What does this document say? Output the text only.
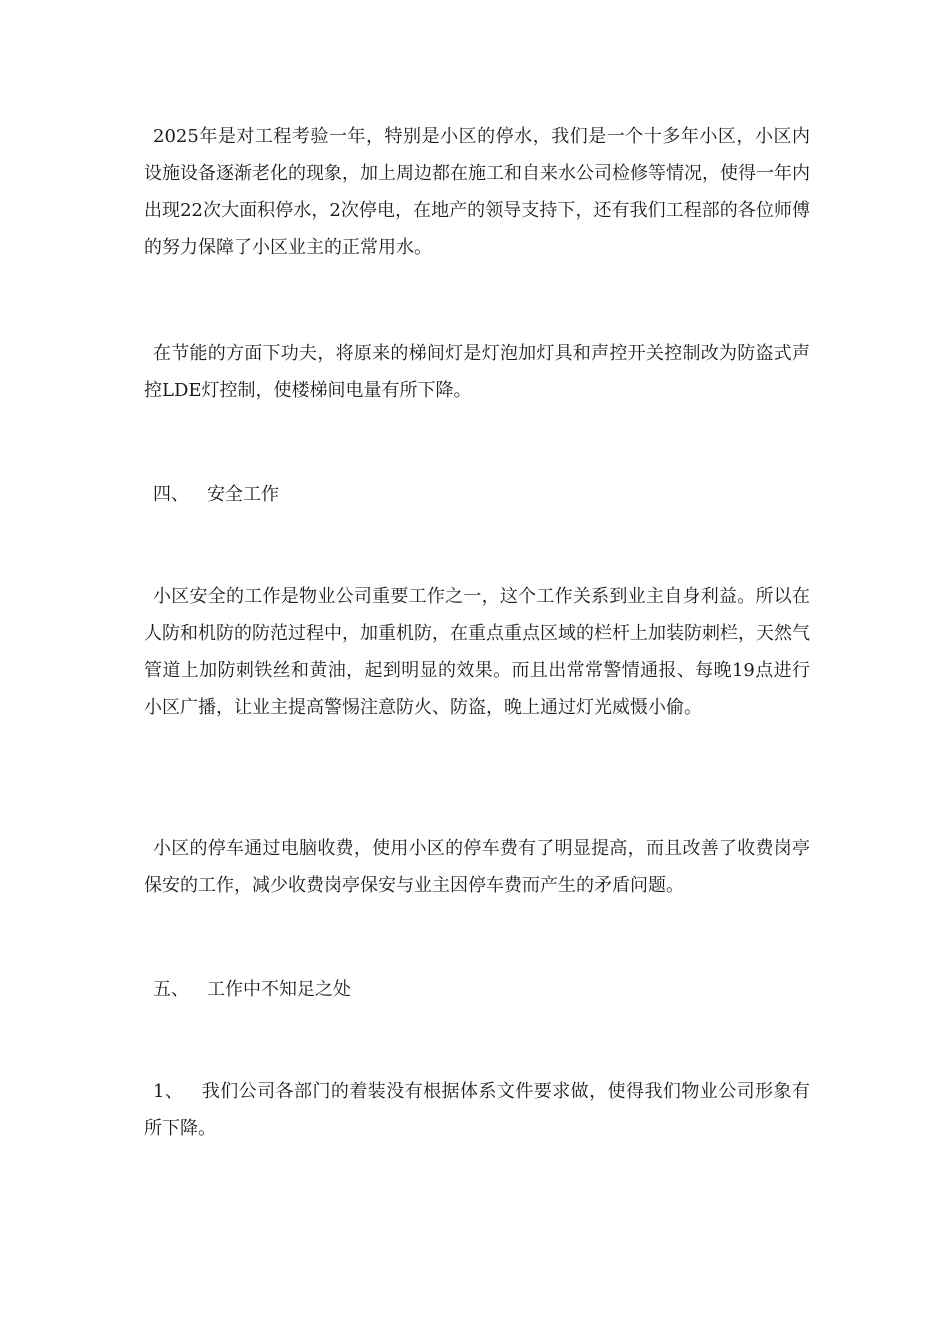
2025年是对工程考验一年，特别是小区的停水，我们是一个十多年小区，小区内设施设备逐渐老化的现象，加上周边都在施工和自来水公司检修等情况，使得一年内出现22次大面积停水，2次停电，在地产的领导支持下，还有我们工程部的各位师傅的努力保障了小区业主的正常用水。

在节能的方面下功夫，将原来的梯间灯是灯泡加灯具和声控开关控制改为防盗式声控LDE灯控制，使楼梯间电量有所下降。

四、 安全工作

小区安全的工作是物业公司重要工作之一，这个工作关系到业主自身利益。所以在人防和机防的防范过程中，加重机防，在重点重点区域的栏杆上加装防刺栏，天然气管道上加防刺铁丝和黄油，起到明显的效果。而且出常常警情通报、每晚19点进行小区广播，让业主提高警惕注意防火、防盗，晚上通过灯光威慑小偷。

小区的停车通过电脑收费，使用小区的停车费有了明显提高，而且改善了收费岗亭保安的工作，减少收费岗亭保安与业主因停车费而产生的矛盾问题。

五、 工作中不知足之处

1、 我们公司各部门的着装没有根据体系文件要求做，使得我们物业公司形象有所下降。
